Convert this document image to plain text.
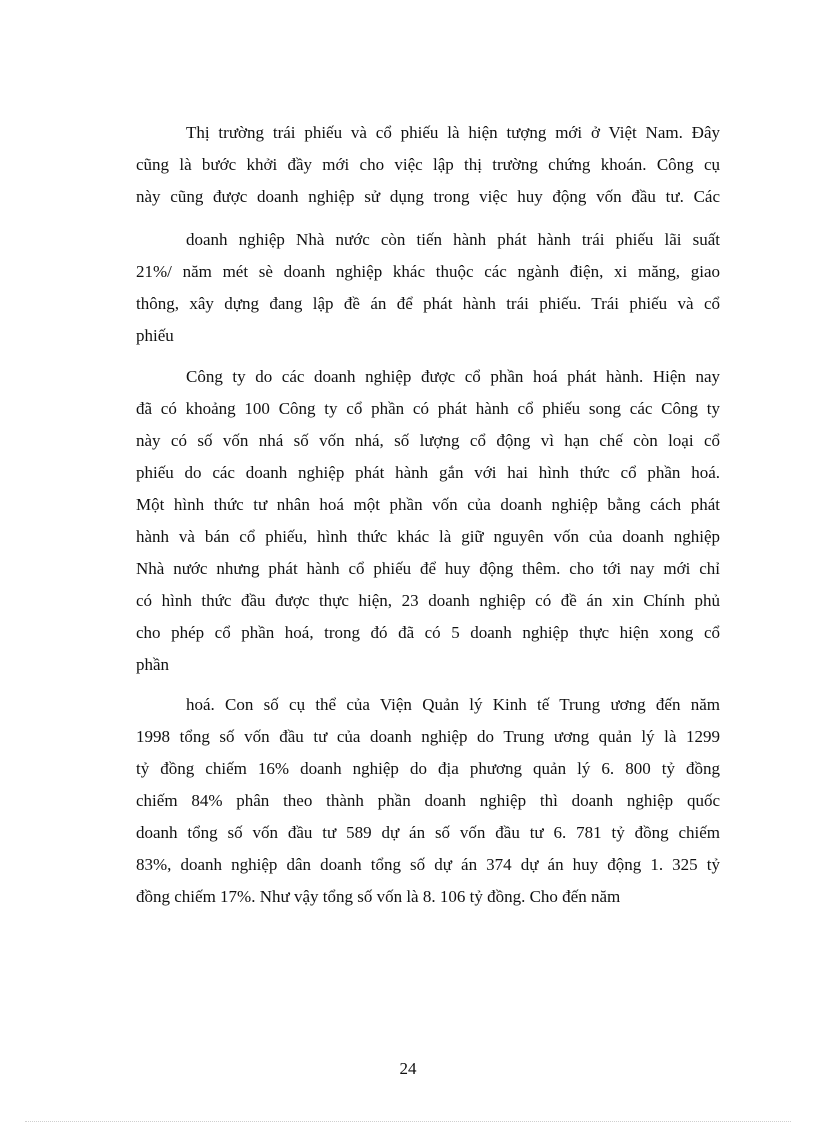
Thị trường trái phiếu và cổ phiếu là hiện tượng mới ở Việt Nam. Đây
cũng là bước khởi đầy mới cho việc lập thị trường chứng khoán. Công cụ
này cũng được doanh nghiệp sử dụng trong việc huy động vốn đầu tư. Các
doanh nghiệp Nhà nước còn tiến hành phát hành trái phiếu lãi suất
21%/ năm mét sè doanh nghiệp khác thuộc các ngành điện, xi măng, giao
thông, xây dựng đang lập đề án để phát hành trái phiếu. Trái phiếu và cổ
phiếu
Công ty do các doanh nghiệp được cổ phần hoá phát hành. Hiện nay
đã có khoảng 100 Công ty cổ phần có phát hành cổ phiếu song các Công ty
này có số vốn nhá số vốn nhá, số lượng cổ động vì hạn chế còn loại cổ
phiếu do các doanh nghiệp phát hành gắn với hai hình thức cổ phần hoá.
Một hình thức tư nhân hoá một phần vốn của doanh nghiệp bằng cách phát
hành và bán cổ phiếu, hình thức khác là giữ nguyên vốn của doanh nghiệp
Nhà nước nhưng phát hành cổ phiếu để huy động thêm. cho tới nay mới chỉ
có hình thức đầu được thực hiện, 23 doanh nghiệp có đề án xin Chính phủ
cho phép cổ phần hoá, trong đó đã có 5 doanh nghiệp thực hiện xong cổ
phần
hoá. Con số cụ thể của Viện Quản lý Kinh tế Trung ương đến năm
1998 tổng số vốn đầu tư của doanh nghiệp do Trung ương quản lý là 1299
tỷ đồng chiếm 16% doanh nghiệp do địa phương quản lý 6. 800 tỷ đồng
chiếm 84% phân theo thành phần doanh nghiệp thì doanh nghiệp quốc
doanh tổng số vốn đầu tư 589 dự án số vốn đầu tư 6. 781 tỷ đồng chiếm
83%, doanh nghiệp dân doanh tổng số dự án 374 dự án huy động 1. 325 tỷ
đồng chiếm 17%. Như vậy tổng số vốn là 8. 106 tỷ đồng. Cho đến năm
24
